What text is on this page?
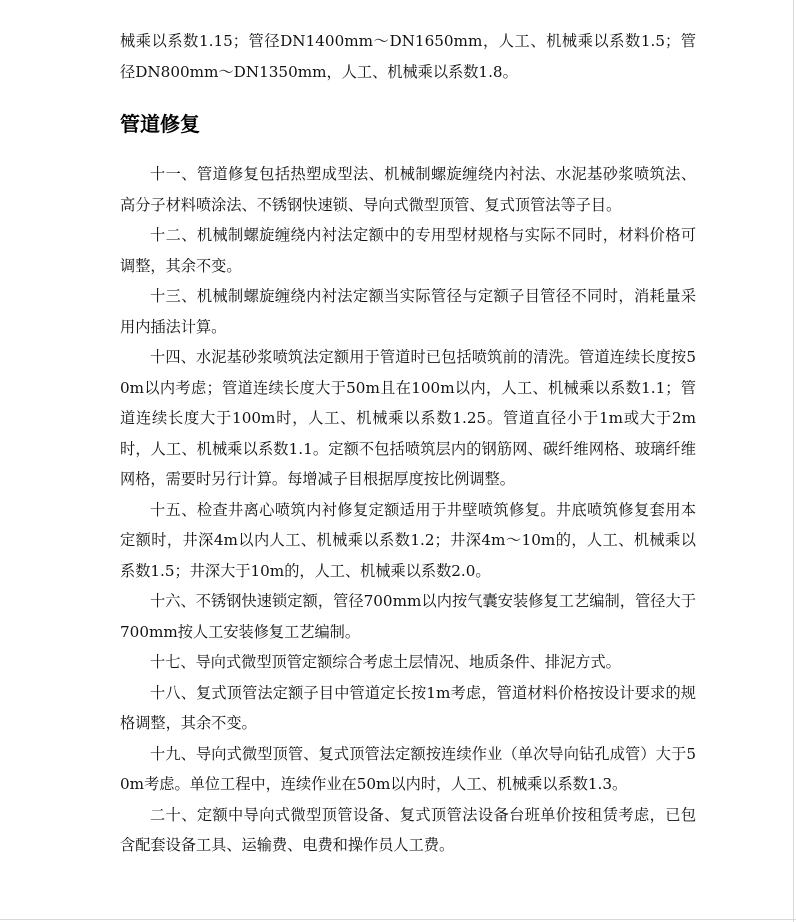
械乘以系数1.15；管径DN1400mm～DN1650mm，人工、机械乘以系数1.5；管径DN800mm～DN1350mm，人工、机械乘以系数1.8。

管道修复

十一、管道修复包括热塑成型法、机械制螺旋缠绕内衬法、水泥基砂浆喷筑法、高分子材料喷涂法、不锈钢快速锁、导向式微型顶管、复式顶管法等子目。

十二、机械制螺旋缠绕内衬法定额中的专用型材规格与实际不同时，材料价格可调整，其余不变。

十三、机械制螺旋缠绕内衬法定额当实际管径与定额子目管径不同时，消耗量采用内插法计算。

十四、水泥基砂浆喷筑法定额用于管道时已包括喷筑前的清洗。管道连续长度按50m以内考虑；管道连续长度大于50m且在100m以内，人工、机械乘以系数1.1；管道连续长度大于100m时，人工、机械乘以系数1.25。管道直径小于1m或大于2m时，人工、机械乘以系数1.1。定额不包括喷筑层内的钢筋网、碳纤维网格、玻璃纤维网格，需要时另行计算。每增减子目根据厚度按比例调整。

十五、检查井离心喷筑内衬修复定额适用于井壁喷筑修复。井底喷筑修复套用本定额时，井深4m以内人工、机械乘以系数1.2；井深4m～10m的，人工、机械乘以系数1.5；井深大于10m的，人工、机械乘以系数2.0。

十六、不锈钢快速锁定额，管径700mm以内按气囊安装修复工艺编制，管径大于700mm按人工安装修复工艺编制。

十七、导向式微型顶管定额综合考虑土层情况、地质条件、排泥方式。

十八、复式顶管法定额子目中管道定长按1m考虑，管道材料价格按设计要求的规格调整，其余不变。

十九、导向式微型顶管、复式顶管法定额按连续作业（单次导向钻孔成管）大于50m考虑。单位工程中，连续作业在50m以内时，人工、机械乘以系数1.3。

二十、定额中导向式微型顶管设备、复式顶管法设备台班单价按租赁考虑，已包含配套设备工具、运输费、电费和操作员人工费。
